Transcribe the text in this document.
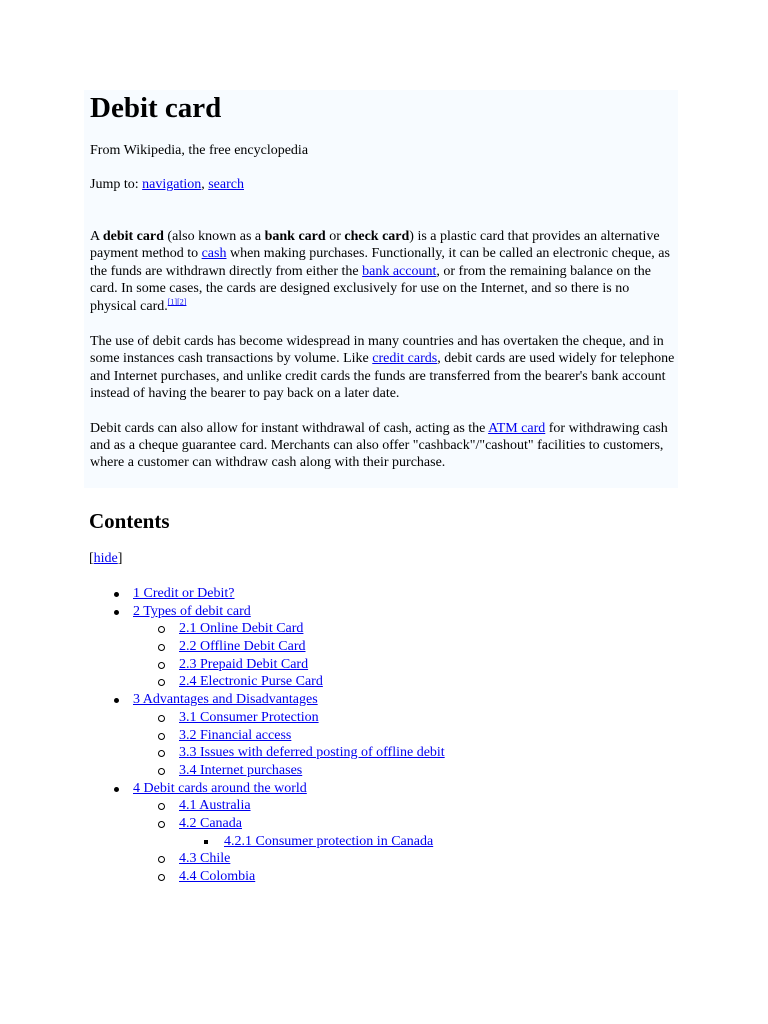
Debit card

From Wikipedia, the free encyclopedia

Jump to: navigation, search

A debit card (also known as a bank card or check card) is a plastic card that provides an alternative payment method to cash when making purchases. Functionally, it can be called an electronic cheque, as the funds are withdrawn directly from either the bank account, or from the remaining balance on the card. In some cases, the cards are designed exclusively for use on the Internet, and so there is no physical card.[1][2]

The use of debit cards has become widespread in many countries and has overtaken the cheque, and in some instances cash transactions by volume. Like credit cards, debit cards are used widely for telephone and Internet purchases, and unlike credit cards the funds are transferred from the bearer's bank account instead of having the bearer to pay back on a later date.

Debit cards can also allow for instant withdrawal of cash, acting as the ATM card for withdrawing cash and as a cheque guarantee card. Merchants can also offer "cashback"/"cashout" facilities to customers, where a customer can withdraw cash along with their purchase.

Contents
[hide]
1 Credit or Debit?
2 Types of debit card
2.1 Online Debit Card
2.2 Offline Debit Card
2.3 Prepaid Debit Card
2.4 Electronic Purse Card
3 Advantages and Disadvantages
3.1 Consumer Protection
3.2 Financial access
3.3 Issues with deferred posting of offline debit
3.4 Internet purchases
4 Debit cards around the world
4.1 Australia
4.2 Canada
4.2.1 Consumer protection in Canada
4.3 Chile
4.4 Colombia
